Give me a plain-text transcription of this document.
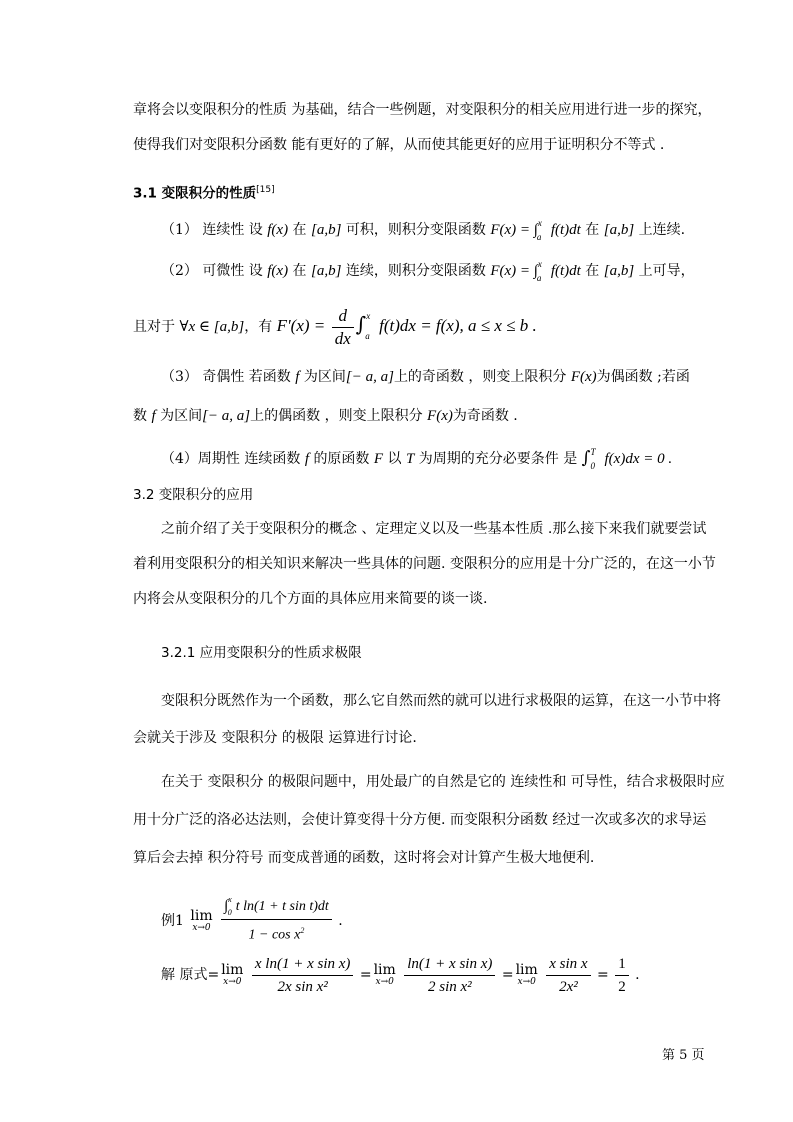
章将会以变限积分的性质 为基础，结合一些例题，对变限积分的相关应用进行进一步的探究，
使得我们对变限积分函数 能有更好的了解，从而使其能更好的应用于证明积分不等式 .
3.1 变限积分的性质[15]
（1） 连续性 设 f(x) 在 [a,b] 可积，则积分变限函数 F(x) = ∫$^x_a$ f(t)dt 在 [a,b] 上连续.
（2） 可微性 设 f(x) 在 [a,b] 连续，则积分变限函数 F(x) = ∫$^x_a$ f(t)dt 在 [a,b] 上可导，
且对于 ∀x ∈ [a,b]，有 $F'(x) = \frac{d}{dx} \int^x_a$ f(t)dx = f(x), a ≤ x ≤ b .
（3） 奇偶性 若函数 f 为区间[− a, a]上的奇函数 ，则变上限积分 F(x)为偶函数 ;若函
数 f 为区间[− a, a]上的偶函数 ，则变上限积分 F(x)为奇函数 .
（4）周期性 连续函数 f 的原函数 F 以 T 为周期的充分必要条件 是 ∫$^T_0$ f(x)dx = 0 .
3.2 变限积分的应用
之前介绍了关于变限积分的概念 、定理定义以及一些基本性质 .那么接下来我们就要尝试
着利用变限积分的相关知识来解决一些具体的问题. 变限积分的应用是十分广泛的，在这一小节
内将会从变限积分的几个方面的具体应用来简要的谈一谈.
3.2.1 应用变限积分的性质求极限
变限积分既然作为一个函数，那么它自然而然的就可以进行求极限的运算，在这一小节中将
会就关于涉及 变限积分 的极限 运算进行讨论.
在关于 变限积分 的极限问题中，用处最广的自然是它的 连续性和 可导性，结合求极限时应
用十分广泛的洛必达法则，会使计算变得十分方便. 而变限积分函数 经过一次或多次的求导运
算后会去掉 积分符号 而变成普通的函数，这时将会对计算产生极大地便利.
例1 lim
x→0
$\frac{\int^x_0 t \ln(1 + t \sin t)dt}{1 - \cos x^2}$ .
解 原式= lim
x→0
$\frac{\text{x ln(1 + x sin x)}}{\text{2x sin x²}} = \lim$
x→0
$\frac{\text{ln(1 + x sin x)}}{\text{2 sin x²}} = \lim$
x→0
$\frac{\text{x sin x}}{\text{2x²}} = \frac{1}{2}$ .
第 5 页
